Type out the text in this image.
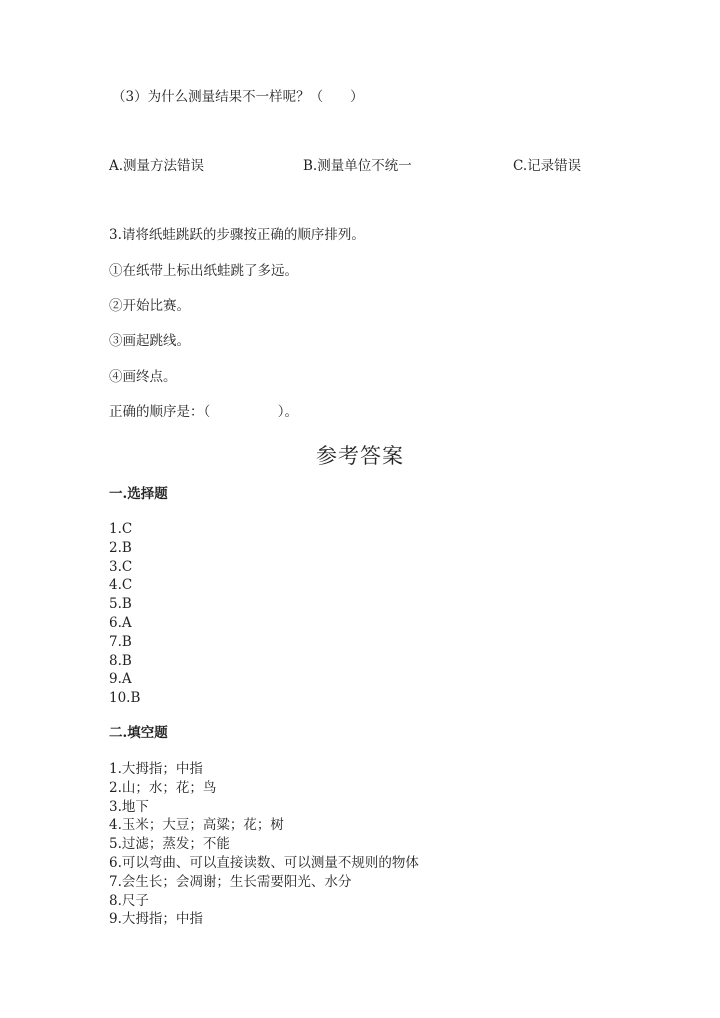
（3）为什么测量结果不一样呢？（　　）
A.测量方法错误	B.测量单位不统一	C.记录错误
3.请将纸蛙跳跃的步骤按正确的顺序排列。
①在纸带上标出纸蛙跳了多远。
②开始比赛。
③画起跳线。
④画终点。
正确的顺序是：（　　　　　）。
参考答案
一.选择题
1.C
2.B
3.C
4.C
5.B
6.A
7.B
8.B
9.A
10.B
二.填空题
1.大拇指；中指
2.山；水；花；鸟
3.地下
4.玉米；大豆；高粱；花；树
5.过滤；蒸发；不能
6.可以弯曲、可以直接读数、可以测量不规则的物体
7.会生长；会凋谢；生长需要阳光、水分
8.尺子
9.大拇指；中指
